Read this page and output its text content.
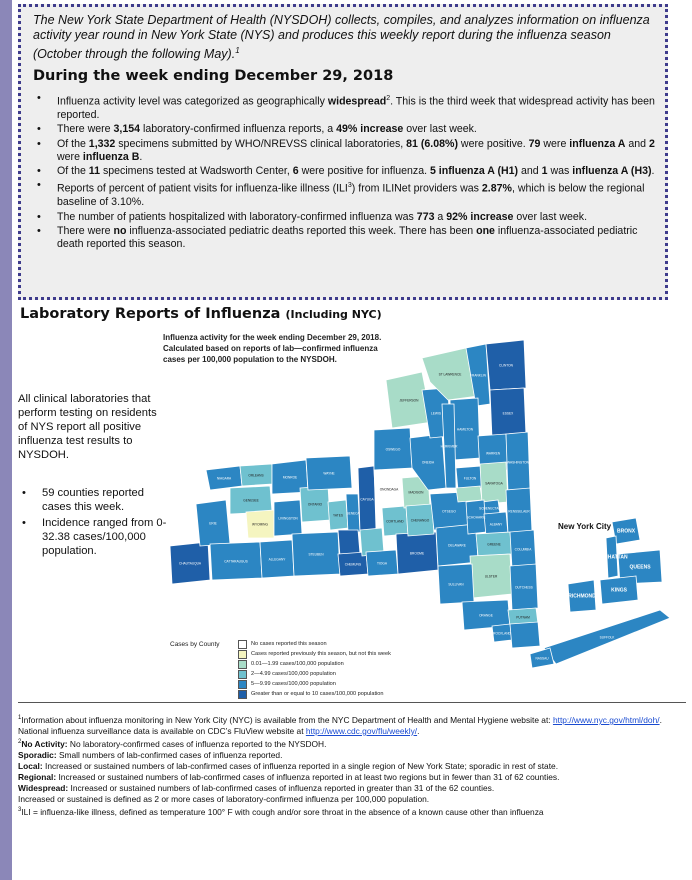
The New York State Department of Health (NYSDOH) collects, compiles, and analyzes information on influenza activity year round in New York State (NYS) and produces this weekly report during the influenza season (October through the following May).$^1$

During the week ending December 29, 2018
• Influenza activity level was categorized as geographically widespread$^2$. This is the third week that widespread activity has been reported.
• There were 3,154 laboratory-confirmed influenza reports, a 49% increase over last week.
• Of the 1,332 specimens submitted by WHO/NREVSS clinical laboratories, 81 (6.08%) were positive. 79 were influenza A and 2 were influenza B.
• Of the 11 specimens tested at Wadsworth Center, 6 were positive for influenza. 5 influenza A (H1) and 1 was influenza A (H3).
• Reports of percent of patient visits for influenza-like illness (ILI$^3$) from ILINet providers was 2.87%, which is below the regional baseline of 3.10%.
• The number of patients hospitalized with laboratory-confirmed influenza was 773 a 92% increase over last week.
• There were no influenza-associated pediatric deaths reported this week. There has been one influenza-associated pediatric death reported this season.
Laboratory Reports of Influenza (Including NYC)

All clinical laboratories that perform testing on residents of NYS report all positive influenza test results to NYSDOH.

• 59 counties reported cases this week.
• Incidence ranged from 0-32.38 cases/100,000 population.
ST LAWRENCE	FRANKLIN
CLINTON
JEFFERSON
ESSEX
LEWIS
HAMILTON
WARREN
ONEIDA
HERKIMER
WASHINGTON
OSWEGO
FULTON
SARATOGA
NIAGARA
ORLEANS	MONROE
WAYNE
MADISON
ONONDAGA
SCHENECTADY
ALBANY
RENSSELAER
GENESEE
ONTARIO
SENECA
CAYUGA
OTSEGO
ERIE	WYOMING
LIVINGSTON
YATES
CORTLAND CHENANGO
SCHOHARIE
COLUMBIA
GREENE
DELAWARE
STEUBEN
ALLEGANY
CATTARAUGUS
CHAUTAUQUA	CHEMUNG	TIOGA
BROOME
ULSTER
DUTCHESS
SULLIVAN
ORANGE	PUTNAM
ROCKLAND
SUFFOLK
NASSAU
BRONX
MANHATTAN
QUEENS
KINGS
RICHMOND

Influenza activity for the week ending December 29, 2018.
Calculated based on reports of lab—confirmed influenza
cases per 100,000 population to the NYSDOH.

New York City
Cases by County	No cases reported this season
Cases reported previously this season, but not this week
0.01—1.99 cases/100,000 population
2—4.99 cases/100,000 population
5—9.99 cases/100,000 population
Greater than or equal to 10 cases/100,000 population
$^1$Information about influenza monitoring in New York City (NYC) is available from the NYC Department of Health and Mental Hygiene website at: http://www.nyc.gov/html/doh/. National influenza surveillance data is available on CDC’s FluView website at http://www.cdc.gov/flu/weekly/.
$^2$No Activity: No laboratory-confirmed cases of influenza reported to the NYSDOH.
Sporadic: Small numbers of lab-confirmed cases of influenza reported.
Local: Increased or sustained numbers of lab-confirmed cases of influenza reported in a single region of New York State; sporadic in rest of state.
Regional: Increased or sustained numbers of lab-confirmed cases of influenza reported in at least two regions but in fewer than 31 of 62 counties.
Widespread: Increased or sustained numbers of lab-confirmed cases of influenza reported in greater than 31 of the 62 counties.
Increased or sustained is defined as 2 or more cases of laboratory-confirmed influenza per 100,000 population.
$^3$ILI = influenza-like illness, defined as temperature 100° F with cough and/or sore throat in the absence of a known cause other than influenza
